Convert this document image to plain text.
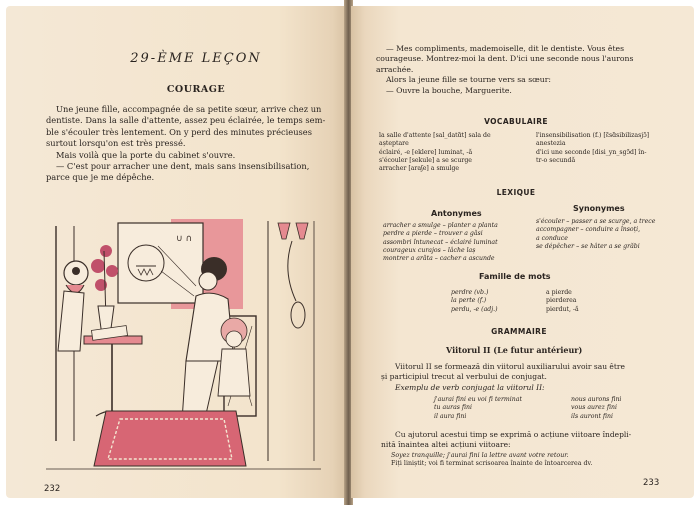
29-ÈME LEÇON
COURAGE
Une jeune fille, accompagnée de sa petite sœur, arrive chez un
dentiste. Dans la salle d'attente, assez peu éclairée, le temps sem-
ble s'écouler très lentement. On y perd des minutes précieuses
surtout lorsqu'on est très pressé.
Mais voilà que la porte du cabinet s'ouvre.
— C'est pour arracher une dent, mais sans insensibilisation,
parce que je me dépêche.
∪ ∩
232
— Mes compliments, mademoiselle, dit le dentiste. Vous êtes
courageuse. Montrez-moi la dent. D'ici une seconde nous l'aurons
arrachée.
Alors la jeune fille se tourne vers sa sœur:
— Ouvre la bouche, Marguerite.
VOCABULAIRE
la salle d'attente [sal_datɑ̃t] sala de
așteptare
éclairé, -e [eklere] luminat, -ă
s'écouler [sekule] a se scurge
arracher [araʃe] a smulge
l'insensibilisation (f.) [ɛ̃sɑ̃sibilizasjɔ̃]
anestezia
d'ici une seconde [disi_yn_sgɔ̃d] în-
tr-o secundă
LEXIQUE
Antonymes
Synonymes
arracher a smulge – planter a planta
perdre a pierde – trouver a găsi
assombri întunecat – éclairé luminat
courageux curajos – lâche laș
montrer a arăta – cacher a ascunde
s'écouler – passer a se scurge, a trece
accompagner – conduire a însoți,
a conduce
se dépêcher – se hâter a se grăbi
Famille de mots
perdre (vb.)
la perte (f.)
perdu, -e (adj.)
a pierde
pierderea
pierdut, -ă
GRAMMAIRE
Viitorul II (Le futur antérieur)
Viitorul II se formează din viitorul auxiliarului avoir sau être
și participiul trecut al verbului de conjugat.
Exemplu de verb conjugat la viitorul II:
j'aurai fini eu voi fi terminat
tu auras fini
il aura fini
nous aurons fini
vous aurez fini
ils auront fini
Cu ajutorul acestui timp se exprimă o acțiune viitoare îndepli-
nită înaintea altei acțiuni viitoare:
Soyez tranquille; j'aurai fini la lettre avant votre retour.
Fiți liniștit; voi fi terminat scrisoarea înainte de întoarcerea dv.
233
